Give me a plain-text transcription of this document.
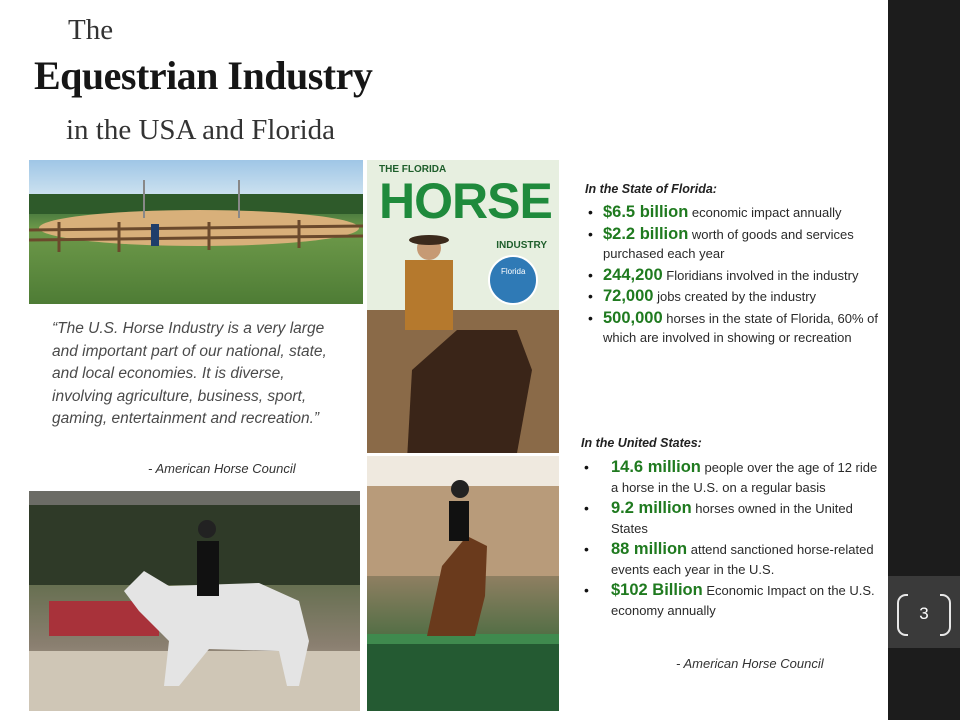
3
The
Equestrian Industry
in the USA and Florida
THE FLORIDA
HORSE
INDUSTRY
Florida
“The U.S. Horse Industry is a very large and important part of our national, state, and local economies. It is diverse, involving agriculture, business, sport, gaming, entertainment and recreation.”
- American Horse Council
In the State of Florida:
• $6.5 billion economic impact annually
• $2.2 billion worth of goods and services purchased each year
• 244,200 Floridians involved in the industry
• 72,000 jobs created by the industry
• 500,000 horses in the state of Florida, 60% of which are involved in showing or recreation
In the United States:
• 14.6 million people over the age of 12 ride a horse in the U.S. on a regular basis
• 9.2 million horses owned in the United States
• 88 million attend sanctioned horse-related events each year in the U.S.
• $102 Billion Economic Impact on the U.S. economy annually
- American Horse Council
